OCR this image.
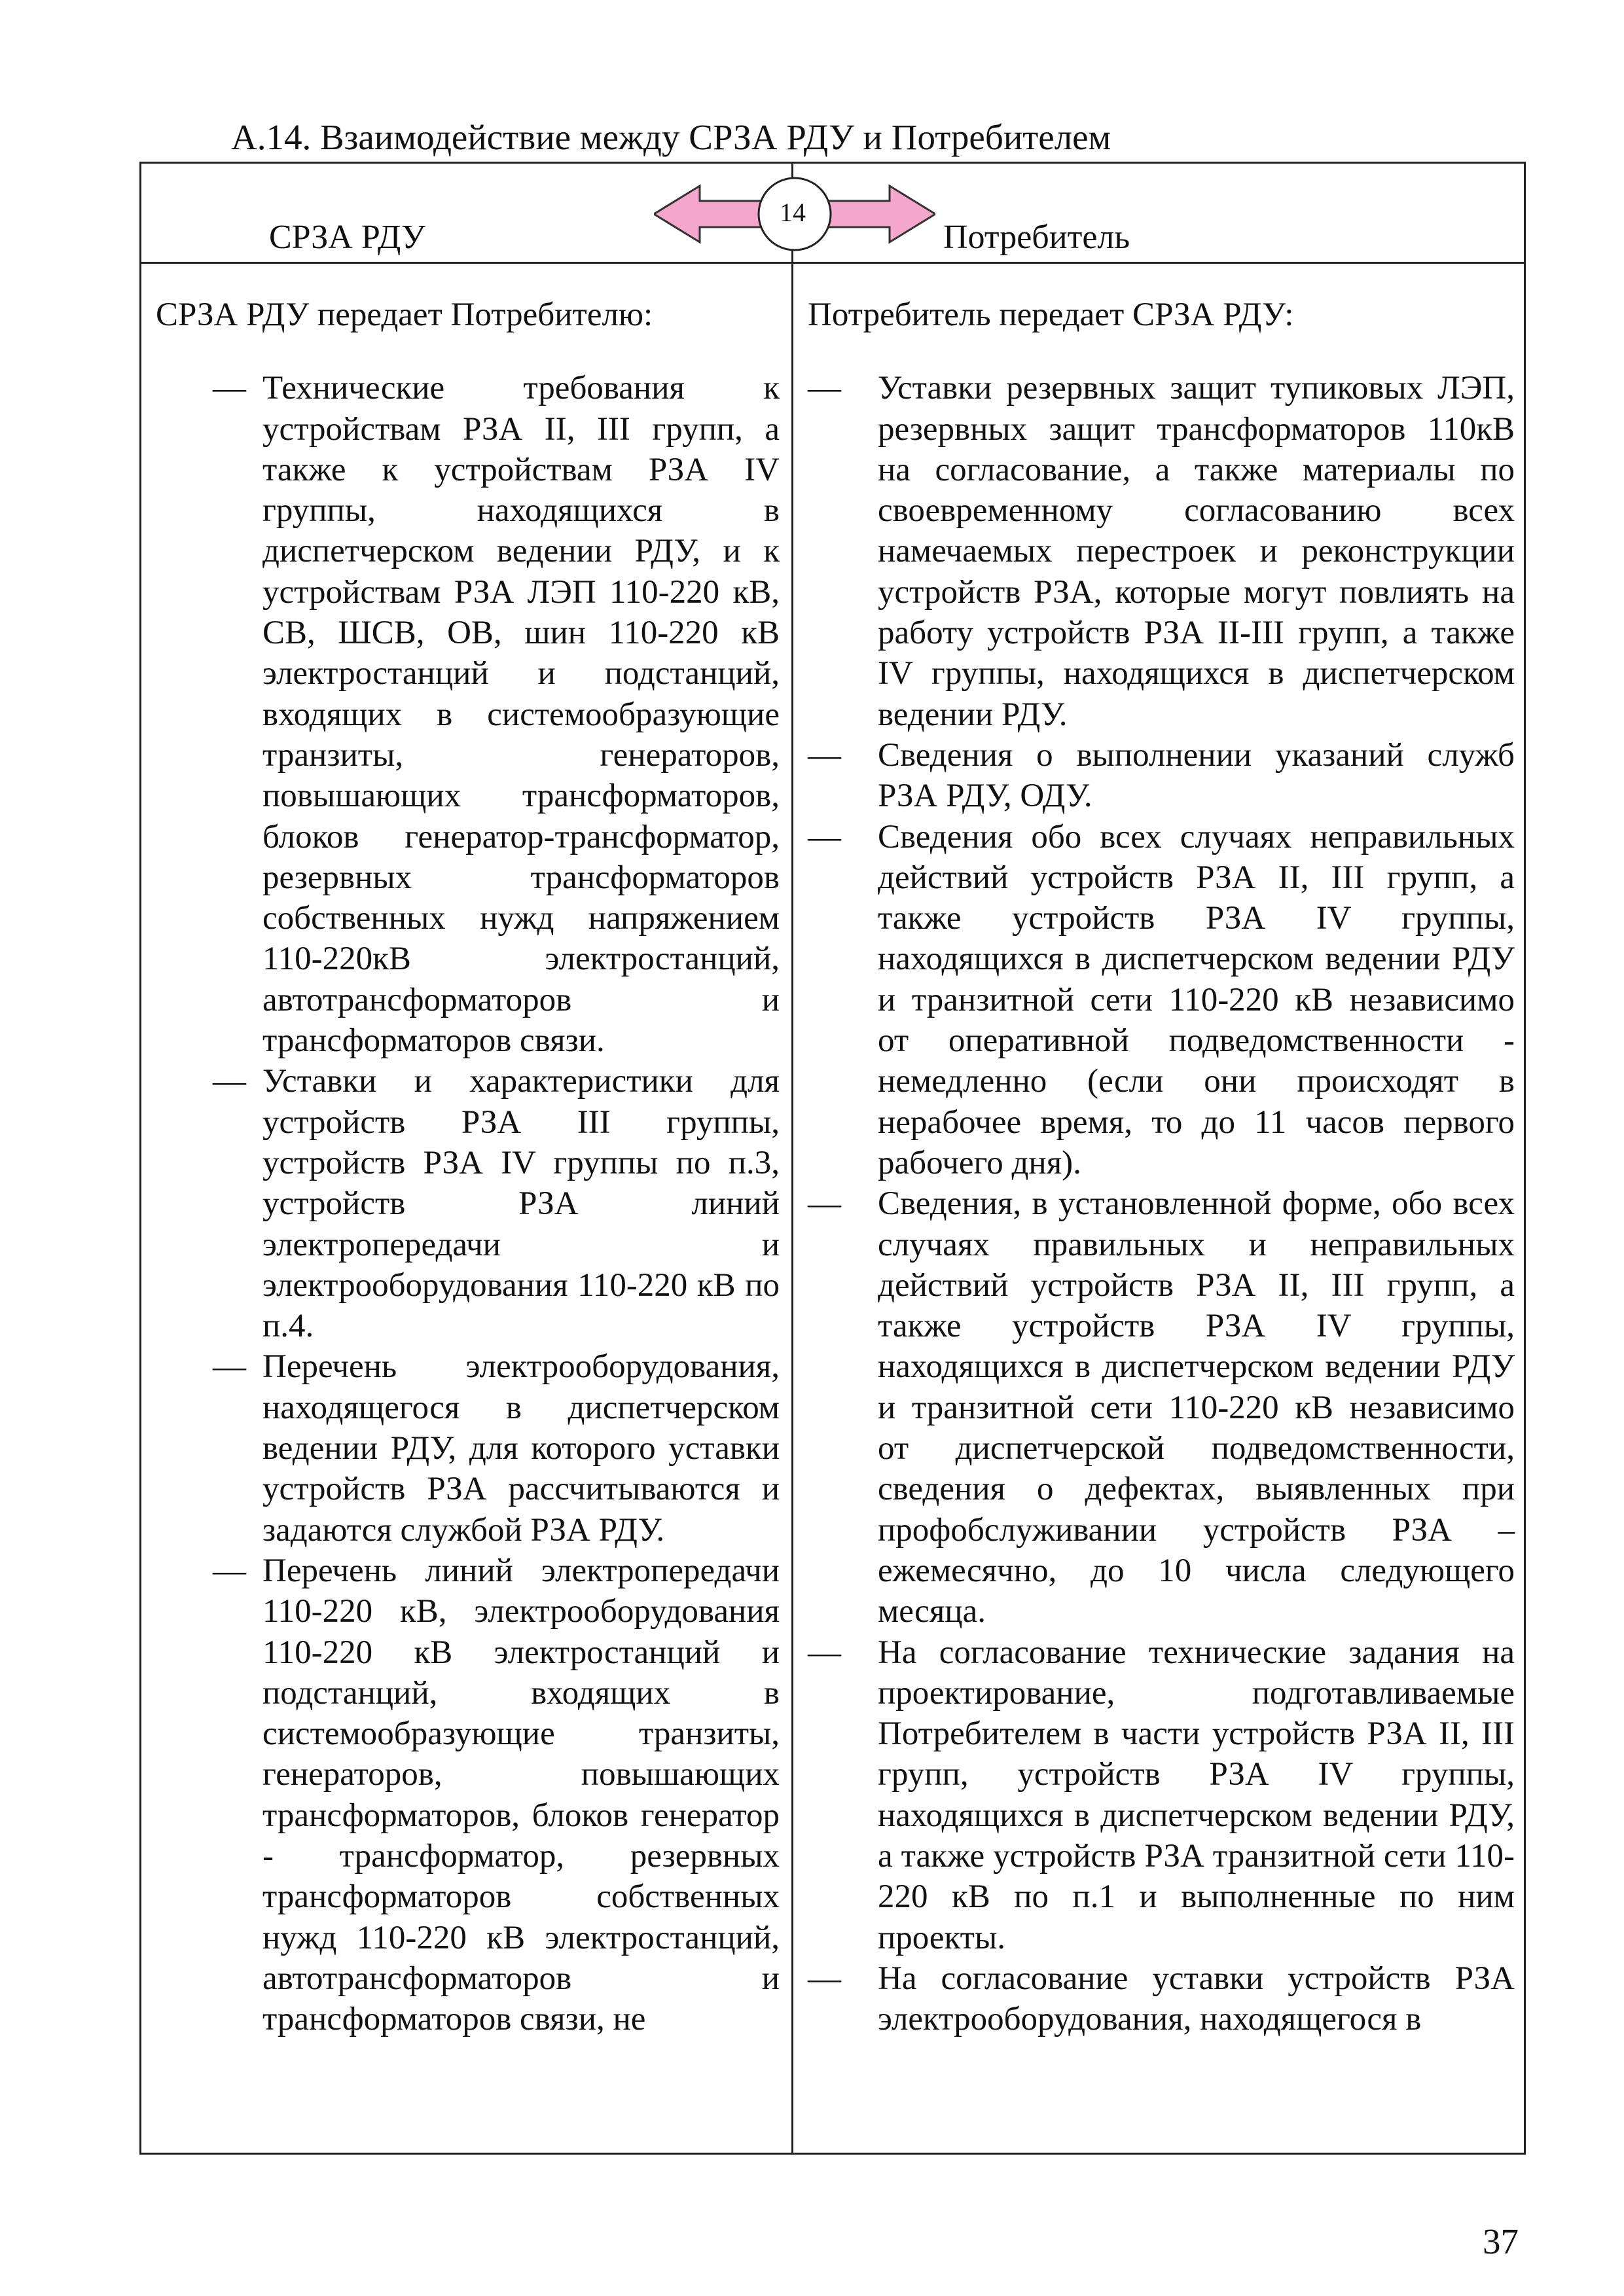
А.14. Взаимодействие между СРЗА РДУ и Потребителем
СРЗА РДУ
14
Потребитель
СРЗА РДУ передает Потребителю:
— Технические требования к устройствам РЗА II, III групп, а также к устройствам РЗА IV группы, находящихся в диспетчерском ведении РДУ, и к устройствам РЗА ЛЭП 110-220 кВ, СВ, ШСВ, ОВ, шин 110-220 кВ электростанций и подстанций, входящих в системообразующие транзиты, генераторов, повышающих трансформаторов, блоков генератор-трансформатор, резервных трансформаторов собственных нужд напряжением 110-220кВ электростанций, автотрансформаторов и трансформаторов связи.
— Уставки и характеристики для устройств РЗА III группы, устройств РЗА IV группы по п.3, устройств РЗА линий электропередачи и электрооборудования 110-220 кВ по п.4.
— Перечень электрооборудования, находящегося в диспетчерском ведении РДУ, для которого уставки устройств РЗА рассчитываются и задаются службой РЗА РДУ.
— Перечень линий электропередачи 110-220 кВ, электрооборудования 110-220 кВ электростанций и подстанций, входящих в системообразующие транзиты, генераторов, повышающих трансформаторов, блоков генератор - трансформатор, резервных трансформаторов собственных нужд 110-220 кВ электростанций, автотрансформаторов и трансформаторов связи, не
Потребитель передает СРЗА РДУ:
— Уставки резервных защит тупиковых ЛЭП, резервных защит трансформаторов 110кВ на согласование, а также материалы по своевременному согласованию всех намечаемых перестроек и реконструкции устройств РЗА, которые могут повлиять на работу устройств РЗА II-III групп, а также IV группы, находящихся в диспетчерском ведении РДУ.
— Сведения о выполнении указаний служб РЗА РДУ, ОДУ.
— Сведения обо всех случаях неправильных действий устройств РЗА II, III групп, а также устройств РЗА IV группы, находящихся в диспетчерском ведении РДУ и транзитной сети 110-220 кВ независимо от оперативной подведомственности - немедленно (если они происходят в нерабочее время, то до 11 часов первого рабочего дня).
— Сведения, в установленной форме, обо всех случаях правильных и неправильных действий устройств РЗА II, III групп, а также устройств РЗА IV группы, находящихся в диспетчерском ведении РДУ и транзитной сети 110-220 кВ независимо от диспетчерской подведомственности, сведения о дефектах, выявленных при профобслуживании устройств РЗА – ежемесячно, до 10 числа следующего месяца.
— На согласование технические задания на проектирование, подготавливаемые Потребителем в части устройств РЗА II, III групп, устройств РЗА IV группы, находящихся в диспетчерском ведении РДУ, а также устройств РЗА транзитной сети 110-220 кВ по п.1 и выполненные по ним проекты.
— На согласование уставки устройств РЗА электрооборудования, находящегося в
37
